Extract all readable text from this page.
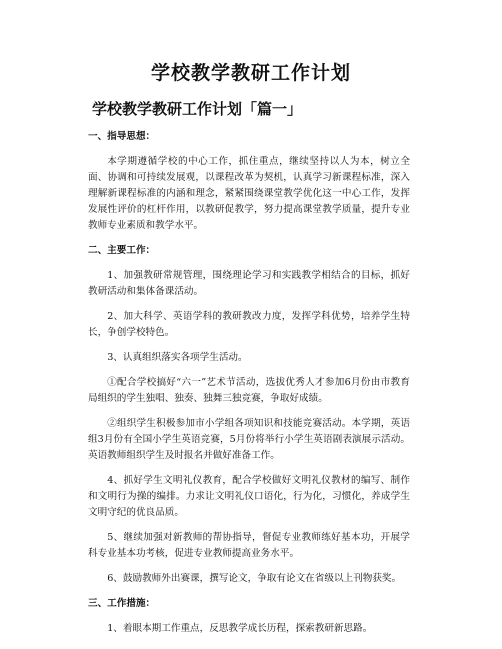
学校教学教研工作计划
学校教学教研工作计划「篇一」
一、指导思想：

本学期遵循学校的中心工作，抓住重点，继续坚持以人为本，树立全面、协调和可持续发展观，以课程改革为契机，认真学习新课程标准，深入理解新课程标准的内涵和理念，紧紧围绕课堂教学优化这一中心工作，发挥发展性评价的杠杆作用，以教研促教学，努力提高课堂教学质量，提升专业教师专业素质和教学水平。

二、主要工作：

1、加强教研常规管理，围绕理论学习和实践教学相结合的目标，抓好教研活动和集体备课活动。

2、加大科学、英语学科的教研教改力度，发挥学科优势，培养学生特长，争创学校特色。

3、认真组织落实各项学生活动。

①配合学校搞好“六一”艺术节活动，选拔优秀人才参加6月份由市教育局组织的学生独唱、独奏、独舞三独竞赛，争取好成绩。

②组织学生积极参加市小学组各项知识和技能竞赛活动。本学期，英语组3月份有全国小学生英语竞赛，5月份将举行小学生英语剧表演展示活动。英语教师组织学生及时报名并做好准备工作。

4、抓好学生文明礼仪教育，配合学校做好文明礼仪教材的编写、制作和文明行为操的编排。力求让文明礼仪口语化，行为化，习惯化，养成学生文明守纪的优良品质。

5、继续加强对新教师的帮协指导，督促专业教师练好基本功，开展学科专业基本功考核，促进专业教师提高业务水平。

6、鼓励教师外出赛课，撰写论文，争取有论文在省级以上刊物获奖。

三、工作措施：

1、着眼本期工作重点，反思教学成长历程，探索教研新思路。
